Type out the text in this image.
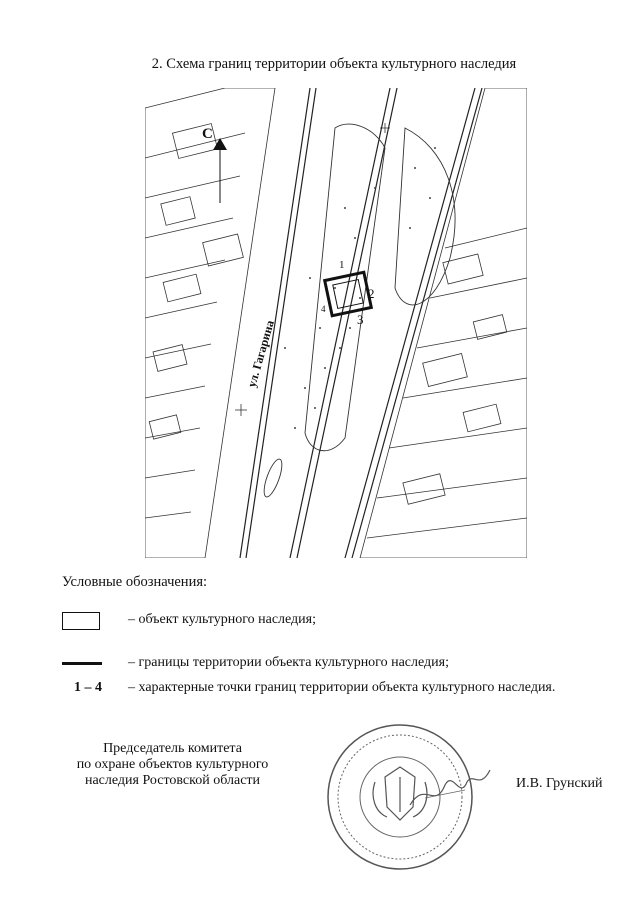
2. Схема границ территории объекта культурного наследия
С
1
2
3
4
ул. Гагарина
Условные обозначения:
– объект культурного наследия;
– границы территории объекта культурного наследия;
1 – 4 – характерные точки границ территории объекта культурного наследия.
Председатель комитета
по охране объектов культурного
наследия Ростовской области	И.В. Грунский
